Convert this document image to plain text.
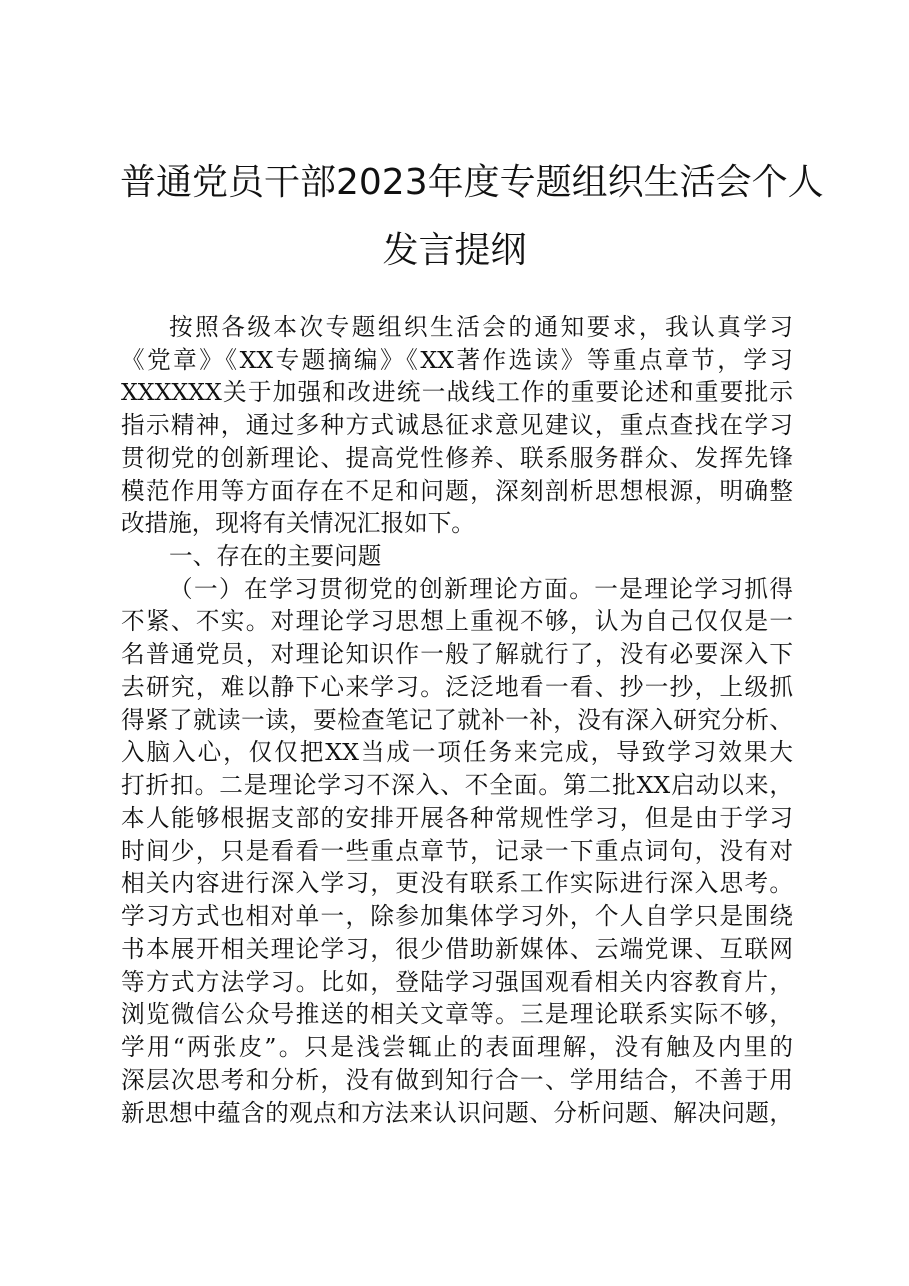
普通党员干部2023年度专题组织生活会个人
发言提纲
按照各级本次专题组织生活会的通知要求，我认真学习
《党章》《XX专题摘编》《XX著作选读》等重点章节，学习
XXXXXX关于加强和改进统一战线工作的重要论述和重要批示
指示精神，通过多种方式诚恳征求意见建议，重点查找在学习
贯彻党的创新理论、提高党性修养、联系服务群众、发挥先锋
模范作用等方面存在不足和问题，深刻剖析思想根源，明确整
改措施，现将有关情况汇报如下。
一、存在的主要问题
（一）在学习贯彻党的创新理论方面。一是理论学习抓得
不紧、不实。对理论学习思想上重视不够，认为自己仅仅是一
名普通党员，对理论知识作一般了解就行了，没有必要深入下
去研究，难以静下心来学习。泛泛地看一看、抄一抄，上级抓
得紧了就读一读，要检查笔记了就补一补，没有深入研究分析、
入脑入心，仅仅把XX当成一项任务来完成，导致学习效果大
打折扣。二是理论学习不深入、不全面。第二批XX启动以来，
本人能够根据支部的安排开展各种常规性学习，但是由于学习
时间少，只是看看一些重点章节，记录一下重点词句，没有对
相关内容进行深入学习，更没有联系工作实际进行深入思考。
学习方式也相对单一，除参加集体学习外，个人自学只是围绕
书本展开相关理论学习，很少借助新媒体、云端党课、互联网
等方式方法学习。比如，登陆学习强国观看相关内容教育片，
浏览微信公众号推送的相关文章等。三是理论联系实际不够，
学用“两张皮”。只是浅尝辄止的表面理解，没有触及内里的
深层次思考和分析，没有做到知行合一、学用结合，不善于用
新思想中蕴含的观点和方法来认识问题、分析问题、解决问题，
